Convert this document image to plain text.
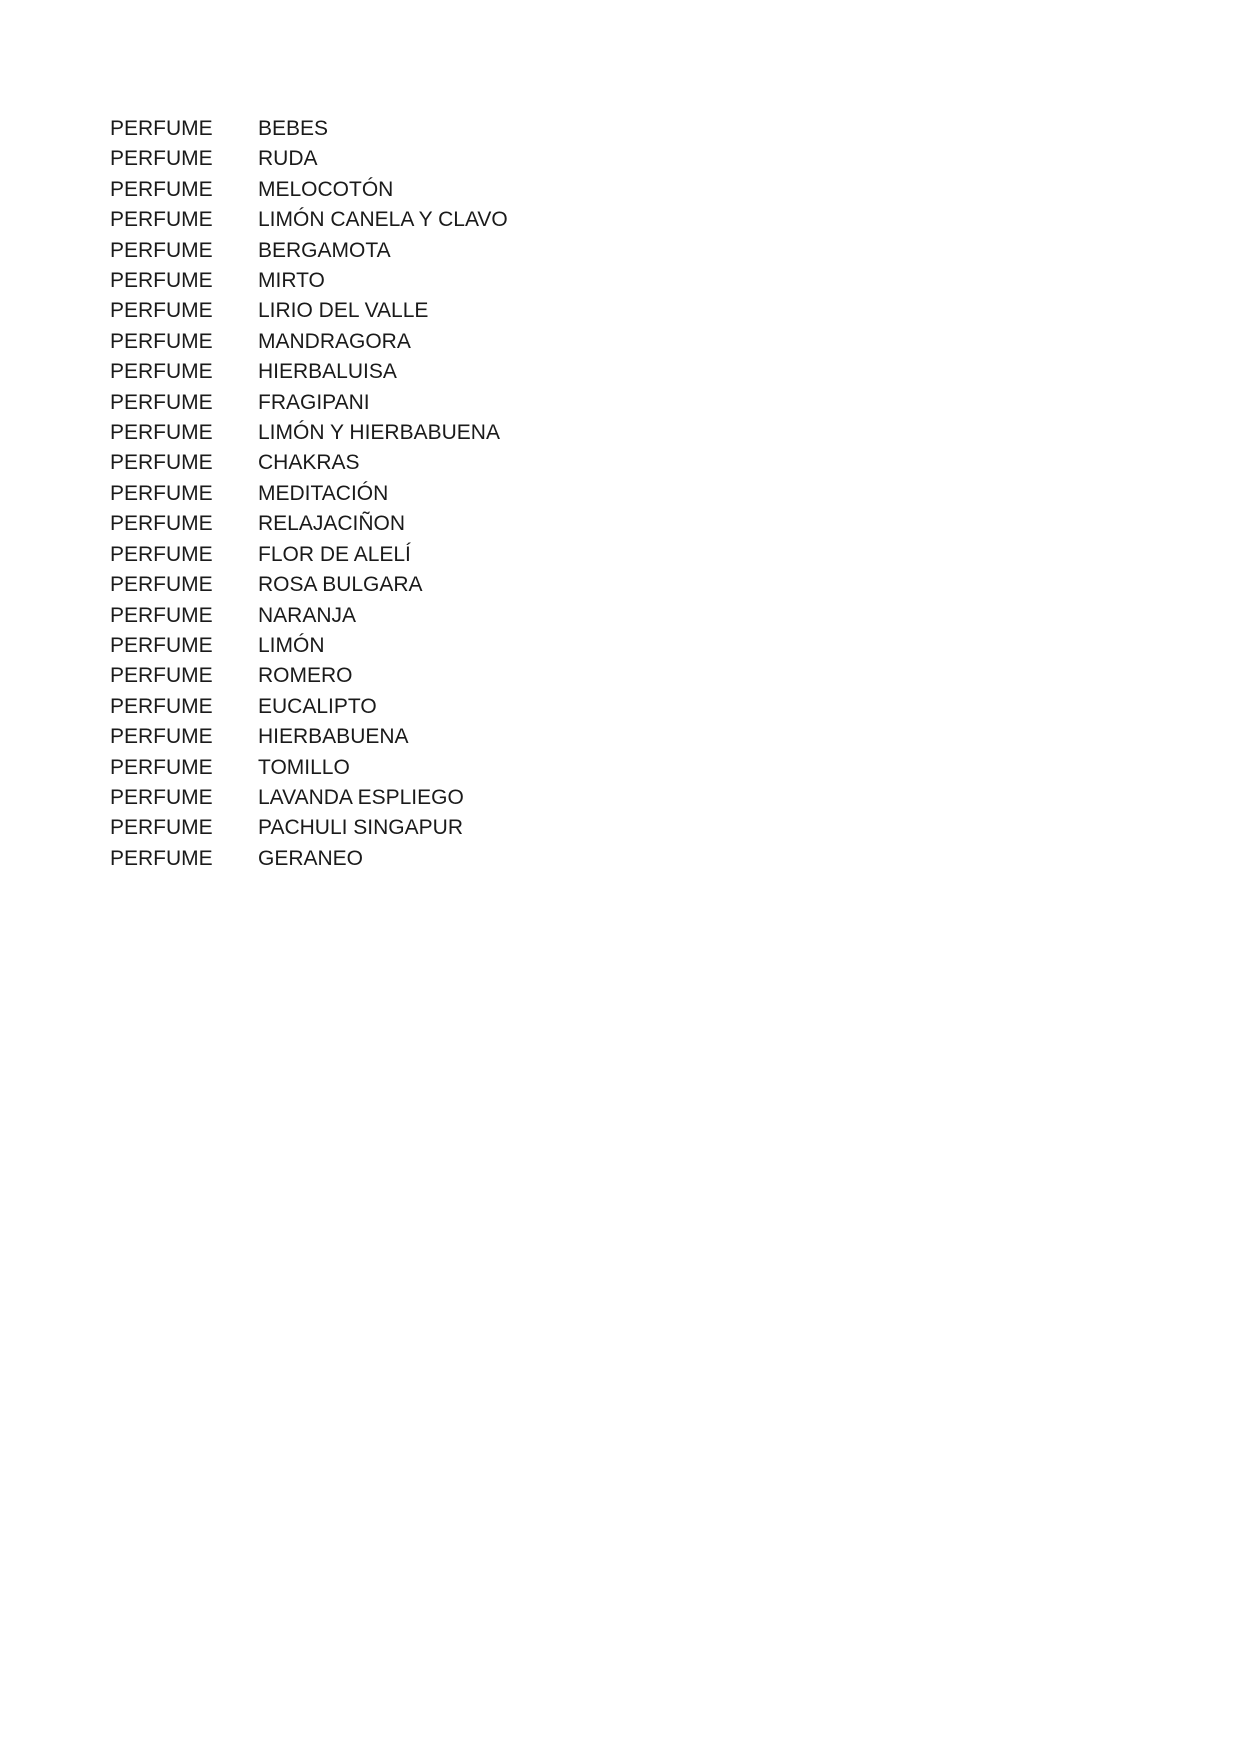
PERFUME	BEBES
PERFUME	RUDA
PERFUME	MELOCOTÓN
PERFUME	LIMÓN CANELA Y CLAVO
PERFUME	BERGAMOTA
PERFUME	MIRTO
PERFUME	LIRIO DEL VALLE
PERFUME	MANDRAGORA
PERFUME	HIERBALUISA
PERFUME	FRAGIPANI
PERFUME	LIMÓN Y HIERBABUENA
PERFUME	CHAKRAS
PERFUME	MEDITACIÓN
PERFUME	RELAJACIÑON
PERFUME	FLOR DE ALELÍ
PERFUME	ROSA BULGARA
PERFUME	NARANJA
PERFUME	LIMÓN
PERFUME	ROMERO
PERFUME	EUCALIPTO
PERFUME	HIERBABUENA
PERFUME	TOMILLO
PERFUME	LAVANDA ESPLIEGO
PERFUME	PACHULI SINGAPUR
PERFUME	GERANEO
